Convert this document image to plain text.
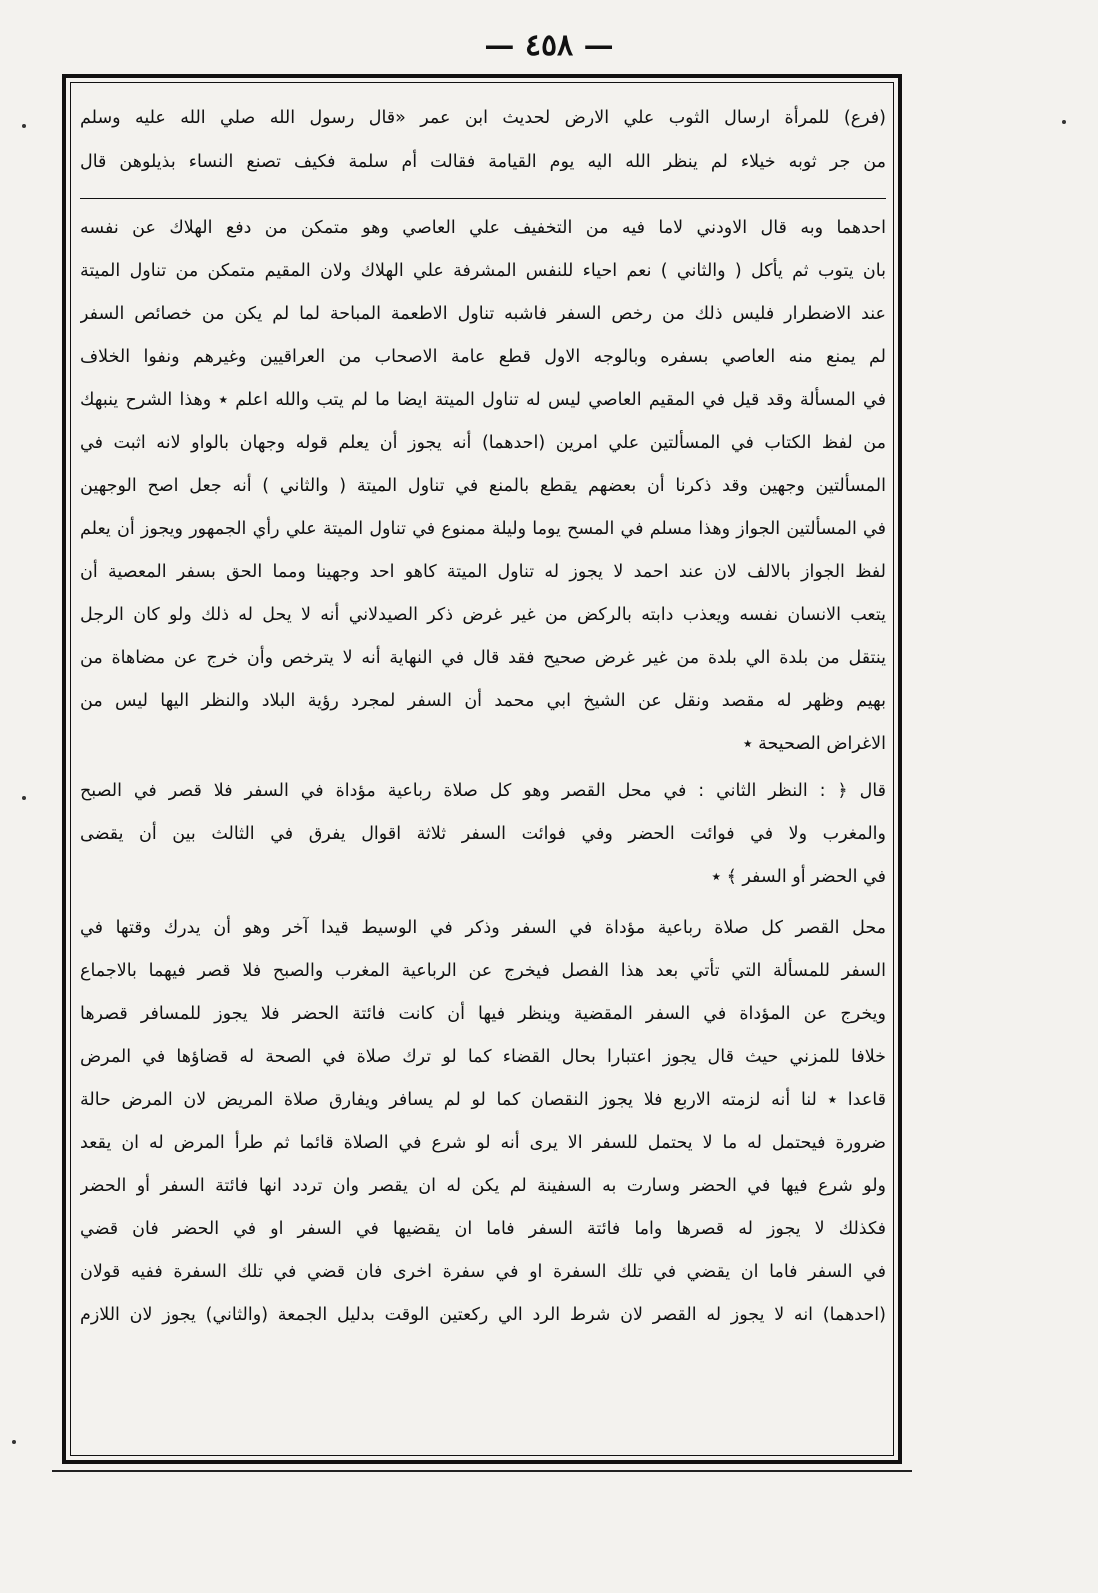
— ٤٥٨ —
(فرع) للمرأة ارسال الثوب علي الارض لحديث ابن عمر «قال رسول الله صلي الله عليه وسلم
من جر ثوبه خيلاء لم ينظر الله اليه يوم القيامة فقالت أم سلمة فكيف تصنع النساء بذيلوهن قال
احدهما وبه قال الاودني لاما فيه من التخفيف علي العاصي وهو متمكن من دفع الهلاك عن نفسه
بان يتوب ثم يأكل ( والثاني ) نعم احياء للنفس المشرفة علي الهلاك ولان المقيم متمكن من تناول الميتة
عند الاضطرار فليس ذلك من رخص السفر فاشبه تناول الاطعمة المباحة لما لم يكن من خصائص السفر
لم يمنع منه العاصي بسفره وبالوجه الاول قطع عامة الاصحاب من العراقيين وغيرهم ونفوا الخلاف
في المسألة وقد قيل في المقيم العاصي ليس له تناول الميتة ايضا ما لم يتب والله اعلم ٭ وهذا الشرح ينبهك
من لفظ الكتاب في المسألتين علي امرين (احدهما) أنه يجوز أن يعلم قوله وجهان بالواو لانه اثبت في
المسألتين وجهين وقد ذكرنا أن بعضهم يقطع بالمنع في تناول الميتة ( والثاني ) أنه جعل اصح الوجهين
في المسألتين الجواز وهذا مسلم في المسح يوما وليلة ممنوع في تناول الميتة علي رأي الجمهور ويجوز أن يعلم
لفظ الجواز بالالف لان عند احمد لا يجوز له تناول الميتة كاهو احد وجهينا ومما الحق بسفر المعصية أن
يتعب الانسان نفسه ويعذب دابته بالركض من غير غرض ذكر الصيدلاني أنه لا يحل له ذلك ولو كان الرجل
ينتقل من بلدة الي بلدة من غير غرض صحيح فقد قال في النهاية أنه لا يترخص وأن خرج عن مضاهاة من
بهيم وظهر له مقصد ونقل عن الشيخ ابي محمد أن السفر لمجرد رؤية البلاد والنظر اليها ليس من
الاغراض الصحيحة ٭
قال ﴿ : النظر الثاني : في محل القصر وهو كل صلاة رباعية مؤداة في السفر فلا قصر في الصبح
والمغرب ولا في فوائت الحضر وفي فوائت السفر ثلاثة اقوال يفرق في الثالث بين أن يقضى
في الحضر أو السفر ﴾ ٭
محل القصر كل صلاة رباعية مؤداة في السفر وذكر في الوسيط قيدا آخر وهو أن يدرك وقتها في
السفر للمسألة التي تأتي بعد هذا الفصل فيخرج عن الرباعية المغرب والصبح فلا قصر فيهما بالاجماع
ويخرج عن المؤداة في السفر المقضية وينظر فيها أن كانت فائتة الحضر فلا يجوز للمسافر قصرها
خلافا للمزني حيث قال يجوز اعتبارا بحال القضاء كما لو ترك صلاة في الصحة له قضاؤها في المرض
قاعدا ٭ لنا أنه لزمته الاربع فلا يجوز النقصان كما لو لم يسافر ويفارق صلاة المريض لان المرض حالة
ضرورة فيحتمل له ما لا يحتمل للسفر الا يرى أنه لو شرع في الصلاة قائما ثم طرأ المرض له ان يقعد
ولو شرع فيها في الحضر وسارت به السفينة لم يكن له ان يقصر وان تردد انها فائتة السفر أو الحضر
فكذلك لا يجوز له قصرها واما فائتة السفر فاما ان يقضيها في السفر او في الحضر فان قضي
في السفر فاما ان يقضي في تلك السفرة او في سفرة اخرى فان قضي في تلك السفرة ففيه قولان
(احدهما) انه لا يجوز له القصر لان شرط الرد الي ركعتين الوقت بدليل الجمعة (والثاني) يجوز لان اللازم
